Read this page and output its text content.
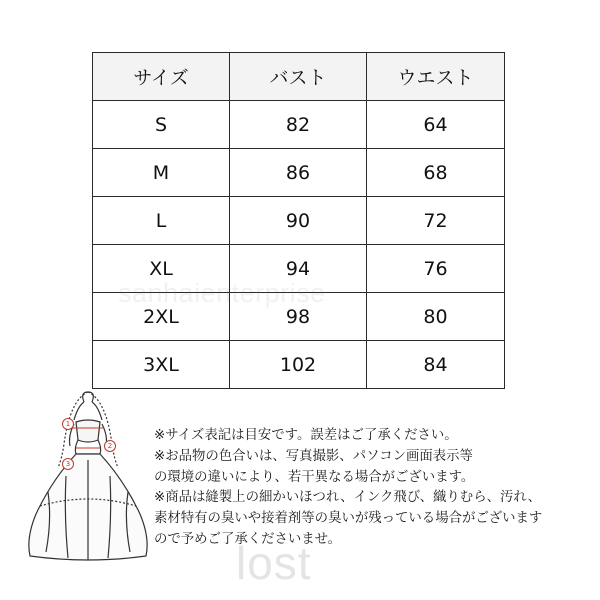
サイズ	バスト	ウエスト
S	82	64
M	86	68
L	90	72
XL	94	76
2XL	98	80
3XL	102	84
sanhaienterprise
1
2
3

※サイズ表記は目安です。誤差はご了承ください。

※お品物の色合いは、写真撮影、パソコン画面表示等

の環境の違いにより、若干異なる場合がございます。

※商品は縫製上の細かいほつれ、インク飛び、織りむら、汚れ、

素材特有の臭いや接着剤等の臭いが残っている場合がございます

ので予めご了承くださいませ。

lost
